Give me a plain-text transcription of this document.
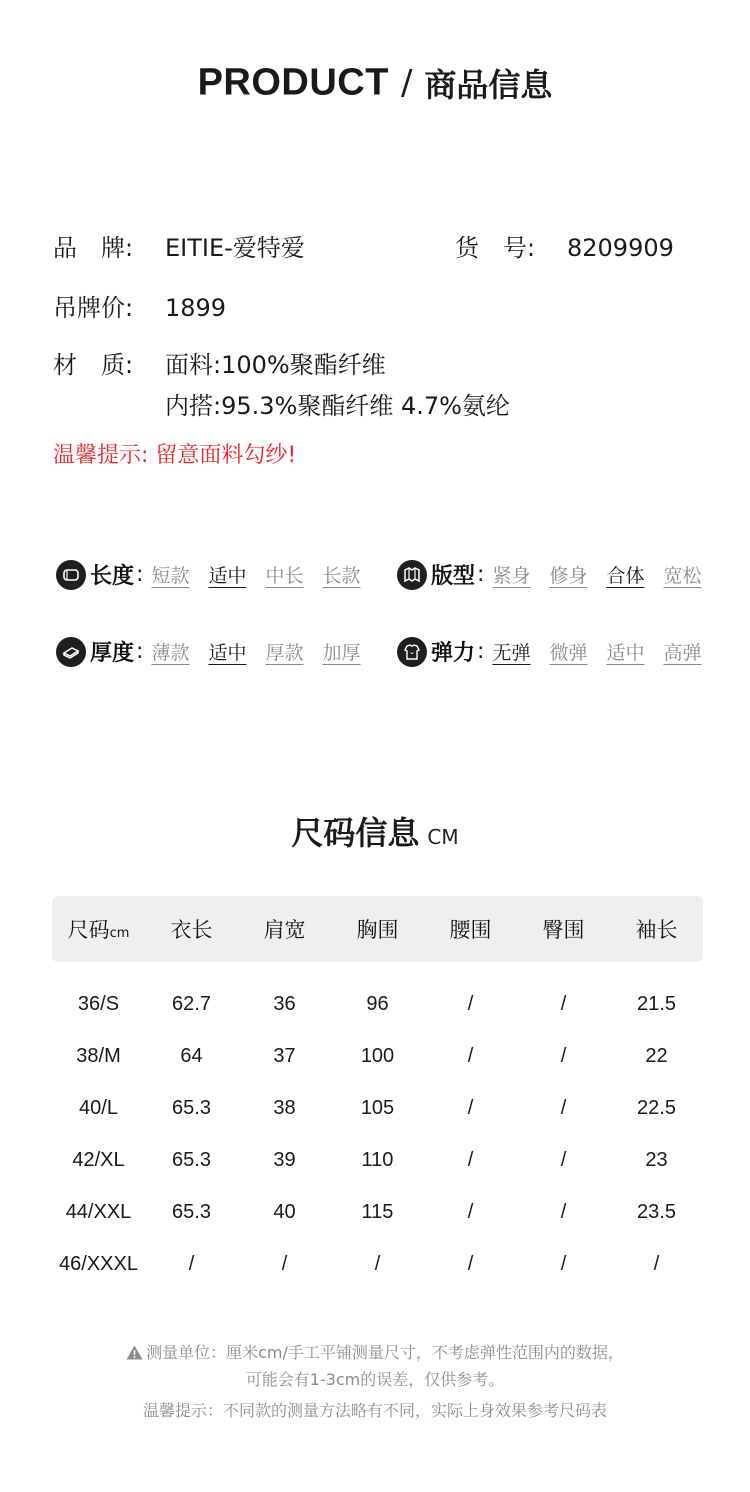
PRODUCT / 商品信息
品　牌: EITIE-爱特爱	货　号: 8209909
吊牌价: 1899
材　质: 面料:100%聚酯纤维
内搭:95.3%聚酯纤维 4.7%氨纶
温馨提示: 留意面料勾纱!
长度 : 短款 适中 中长 长款	版型 : 紧身 修身 合体 宽松
厚度 : 薄款 适中 厚款 加厚	弹力 : 无弹 微弹 适中 高弹
尺码信息 CM
尺码cm	衣长	肩宽	胸围	腰围	臀围	袖长
36/S	62.7	36	96	/	/	21.5
38/M	64	37	100	/	/	22
40/L	65.3	38	105	/	/	22.5
42/XL	65.3	39	110	/	/	23
44/XXL	65.3	40	115	/	/	23.5
46/XXXL	/	/	/	/	/	/
测量单位：厘米cm/手工平铺测量尺寸，不考虑弹性范围内的数据，
可能会有1-3cm的误差，仅供参考。
温馨提示：不同款的测量方法略有不同，实际上身效果参考尺码表
